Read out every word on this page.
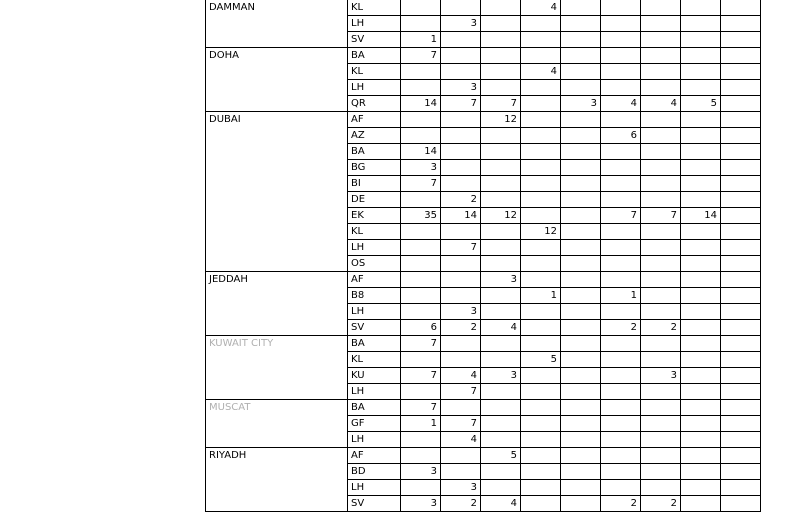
DAMMAN	KL				4					
	LH		3							
	SV	1								
DOHA	BA	7								
	KL				4					
	LH		3							
	QR	14	7	7		3	4	4	5	
DUBAI	AF			12						
	AZ						6			
	BA	14								
	BG	3								
	BI	7								
	DE		2							
	EK	35	14	12			7	7	14	
	KL				12					
	LH		7							
	OS									
JEDDAH	AF			3						
	B8				1		1			
	LH		3							
	SV	6	2	4			2	2		
KUWAIT CITY	BA	7								
	KL				5					
	KU	7	4	3				3		
	LH		7							
MUSCAT	BA	7								
	GF	1	7							
	LH		4							
RIYADH	AF			5						
	BD	3								
	LH		3							
	SV	3	2	4			2	2		
